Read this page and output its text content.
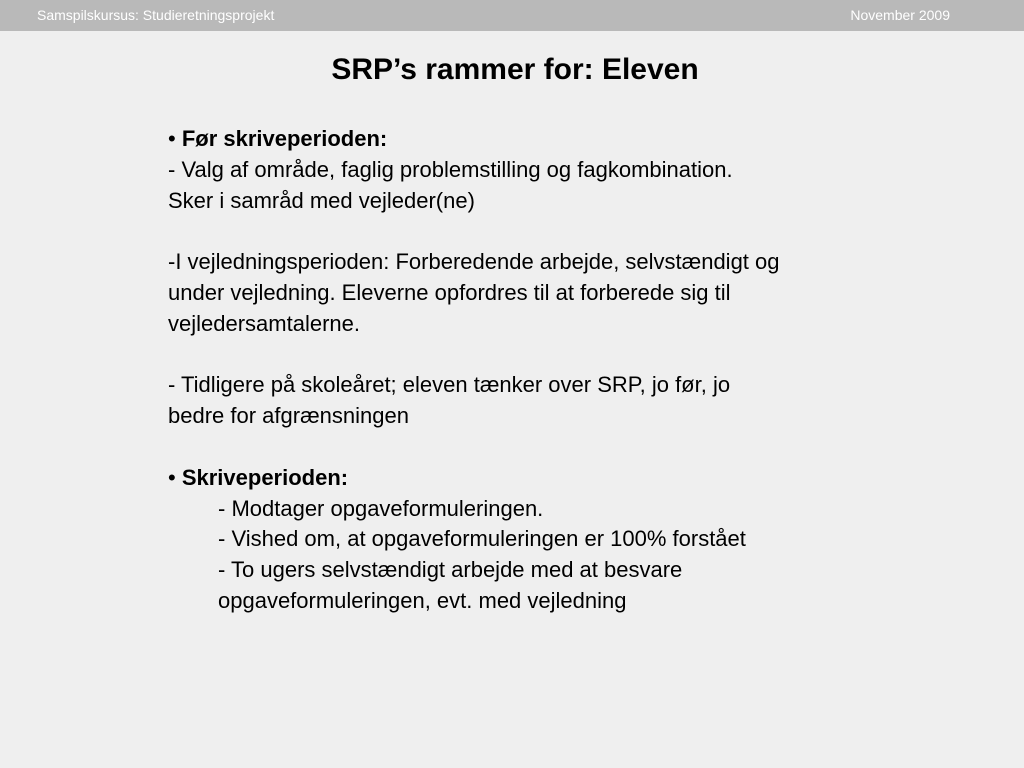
Samspilskursus: Studieretningsprojekt	November 2009
SRP’s rammer for: Eleven
• Før skriveperioden:
- Valg af område, faglig problemstilling og fagkombination.
Sker i samråd med vejleder(ne)
-I vejledningsperioden: Forberedende arbejde, selvstændigt og
under vejledning. Eleverne opfordres til at forberede sig til
vejledersamtalerne.
- Tidligere på skoleåret; eleven tænker over SRP, jo før, jo
bedre for afgrænsningen
• Skriveperioden:
- Modtager opgaveformuleringen.
- Vished om, at opgaveformuleringen er 100% forstået
- To ugers selvstændigt arbejde med at besvare
opgaveformuleringen, evt. med vejledning
